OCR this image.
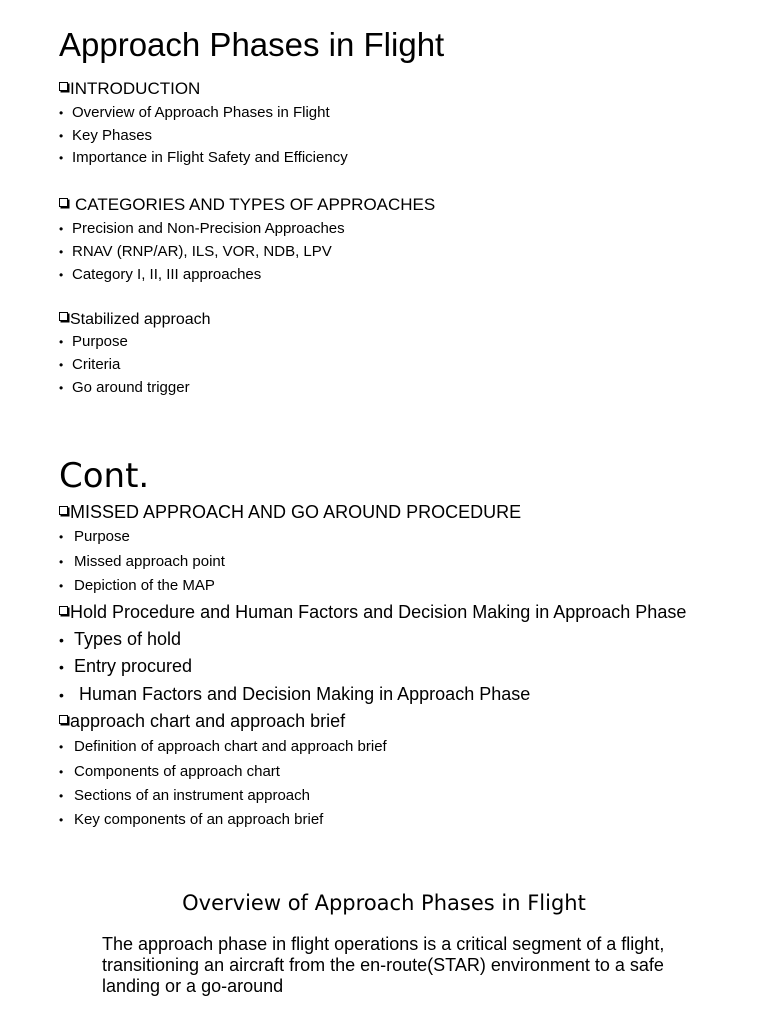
Approach Phases in Flight
INTRODUCTION
• Overview of Approach Phases in Flight
• Key Phases
• Importance in Flight Safety and Efficiency
CATEGORIES AND TYPES OF APPROACHES
• Precision and Non-Precision Approaches
• RNAV (RNP/AR), ILS, VOR, NDB, LPV
• Category I, II, III approaches
Stabilized approach
• Purpose
• Criteria
• Go around trigger
Cont.
MISSED APPROACH AND GO AROUND PROCEDURE
• Purpose
• Missed approach point
• Depiction of the MAP
Hold Procedure and Human Factors and Decision Making in Approach Phase
• Types of hold
• Entry procured
• Human Factors and Decision Making in Approach Phase
approach chart and approach brief
• Definition of approach chart and approach brief
• Components of approach chart
• Sections of an instrument approach
• Key components of an approach brief
Overview of Approach Phases in Flight

The approach phase in flight operations is a critical segment of a flight, transitioning an aircraft from the en-route(STAR) environment to a safe landing or a go-around
